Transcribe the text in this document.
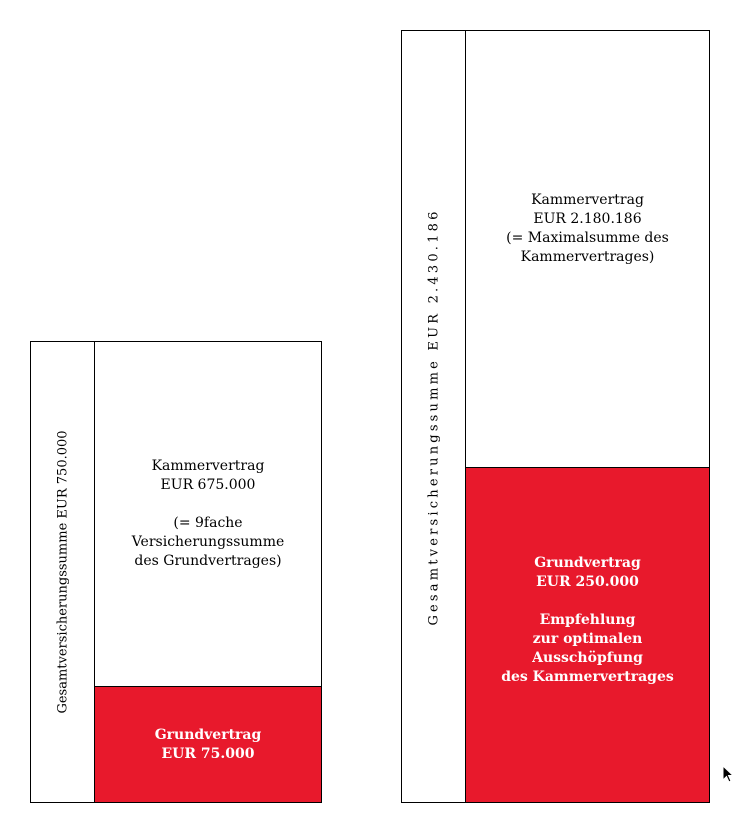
Gesamtversicherungssumme EUR 750.000	Kammervertrag
EUR 675.000
(= 9fache
Versicherungssumme
des Grundvertrages)
Grundvertrag
EUR 75.000
Gesamtversicherungssumme EUR 2.430.186
Kammervertrag
EUR 2.180.186
(= Maximalsumme des
Kammervertrages)
Grundvertrag
EUR 250.000
Empfehlung
zur optimalen
Ausschöpfung
des Kammervertrages
